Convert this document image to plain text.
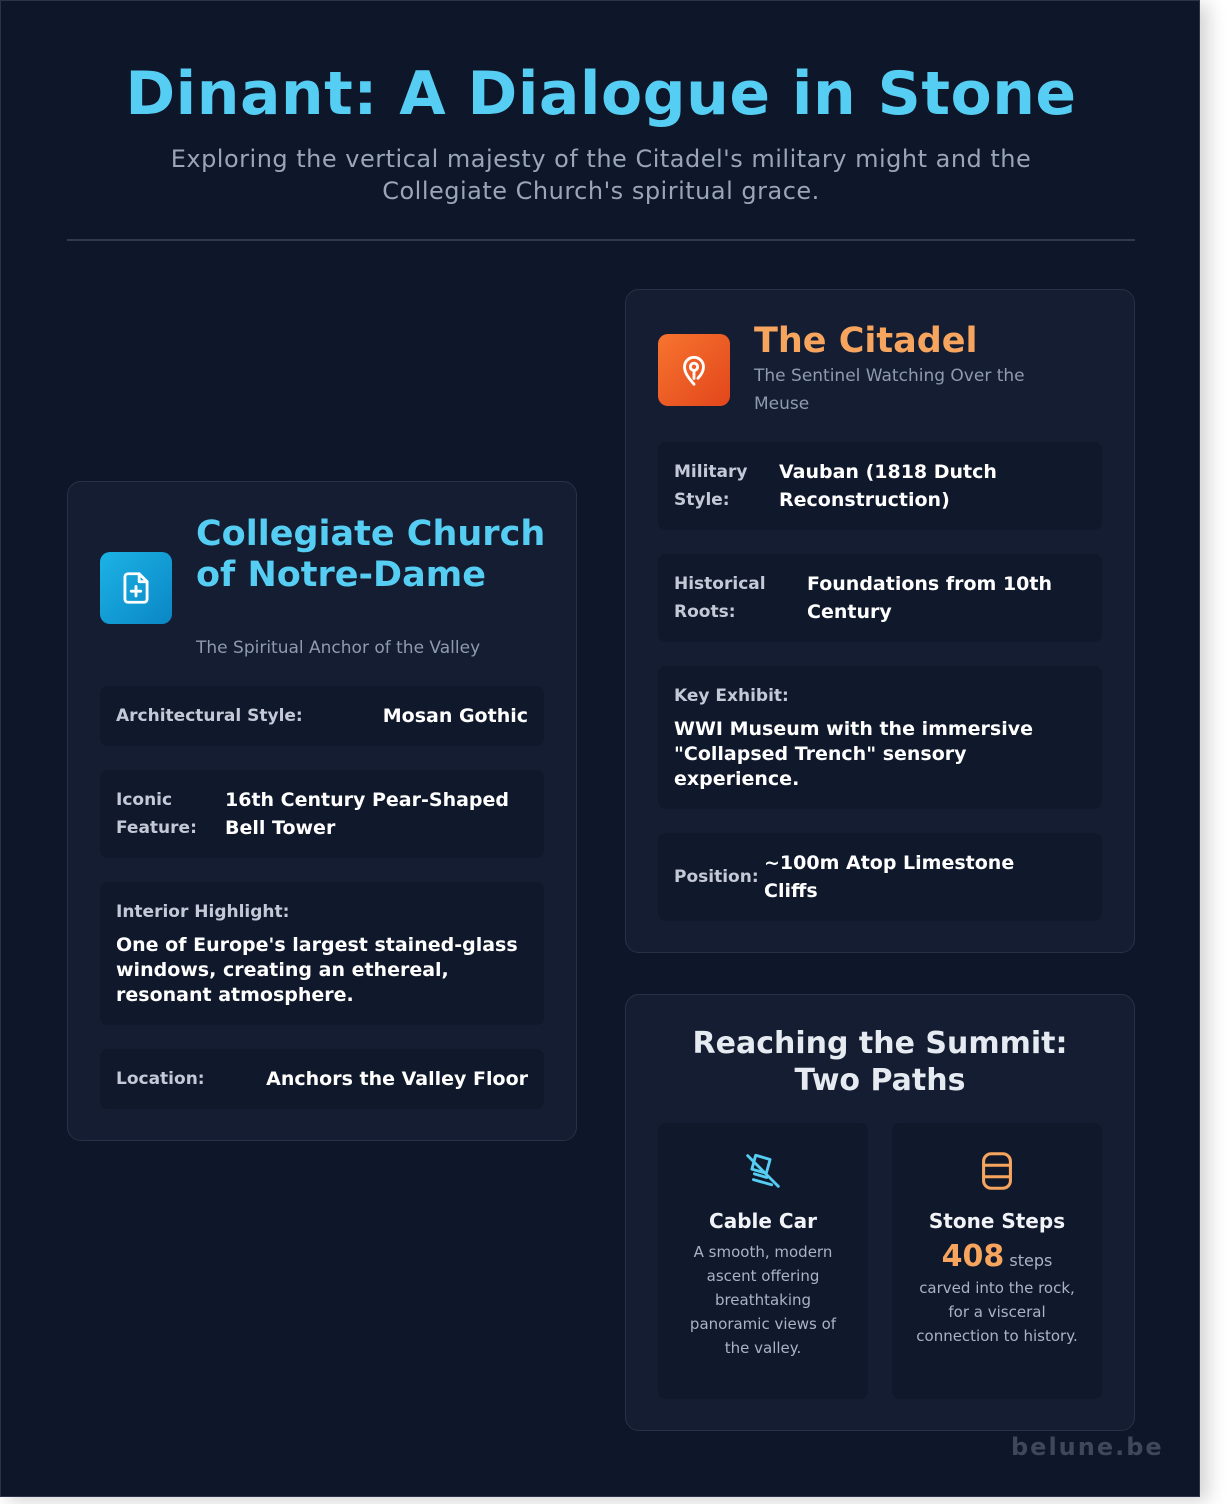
Dinant: A Dialogue in Stone

Exploring the vertical majesty of the Citadel's military might and the Collegiate Church's spiritual grace.

Collegiate Church of Notre-Dame

The Spiritual Anchor of the Valley

Architectural Style:	Mosan Gothic
Iconic Feature:
16th Century Pear-Shaped Bell Tower
Interior Highlight:
One of Europe's largest stained-glass windows, creating an ethereal, resonant atmosphere.
Location:	Anchors the Valley Floor
The Citadel

The Sentinel Watching Over the Meuse

Military Style:
Vauban (1818 Dutch Reconstruction)
Historical Roots:
Foundations from 10th Century
Key Exhibit:
WWI Museum with the immersive "Collapsed Trench" sensory experience.
Position:
~100m Atop Limestone Cliffs
Reaching the Summit: Two Paths
Cable Car
A smooth, modern ascent offering breathtaking panoramic views of the valley.
Stone Steps
408 steps
carved into the rock, for a visceral connection to history.
belune.be
